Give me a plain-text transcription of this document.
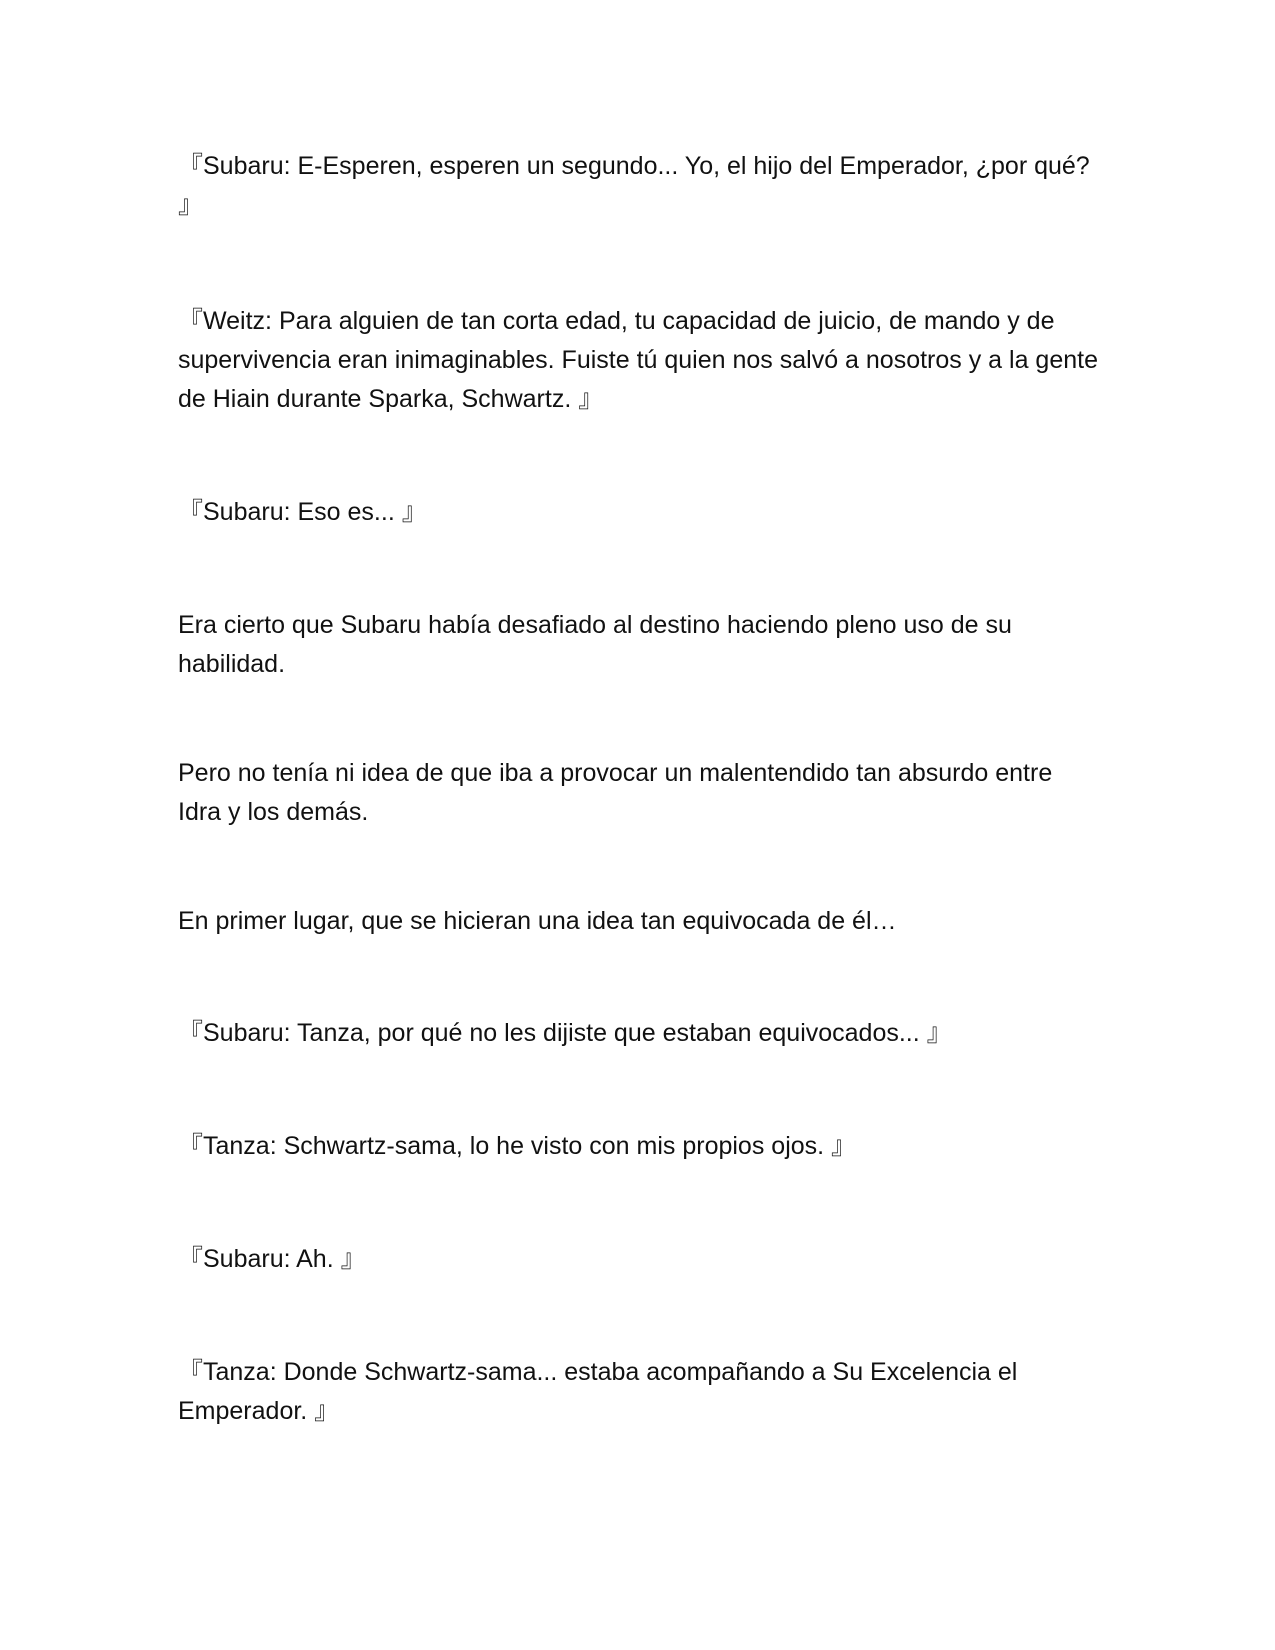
『Subaru: E-Esperen, esperen un segundo... Yo, el hijo del Emperador, ¿por qué? 』

『Weitz: Para alguien de tan corta edad, tu capacidad de juicio, de mando y de supervivencia eran inimaginables. Fuiste tú quien nos salvó a nosotros y a la gente de Hiain durante Sparka, Schwartz. 』

『Subaru: Eso es... 』

Era cierto que Subaru había desafiado al destino haciendo pleno uso de su habilidad.

Pero no tenía ni idea de que iba a provocar un malentendido tan absurdo entre Idra y los demás.

En primer lugar, que se hicieran una idea tan equivocada de él…

『Subaru: Tanza, por qué no les dijiste que estaban equivocados... 』

『Tanza: Schwartz-sama, lo he visto con mis propios ojos. 』

『Subaru: Ah. 』

『Tanza: Donde Schwartz-sama... estaba acompañando a Su Excelencia el Emperador. 』
